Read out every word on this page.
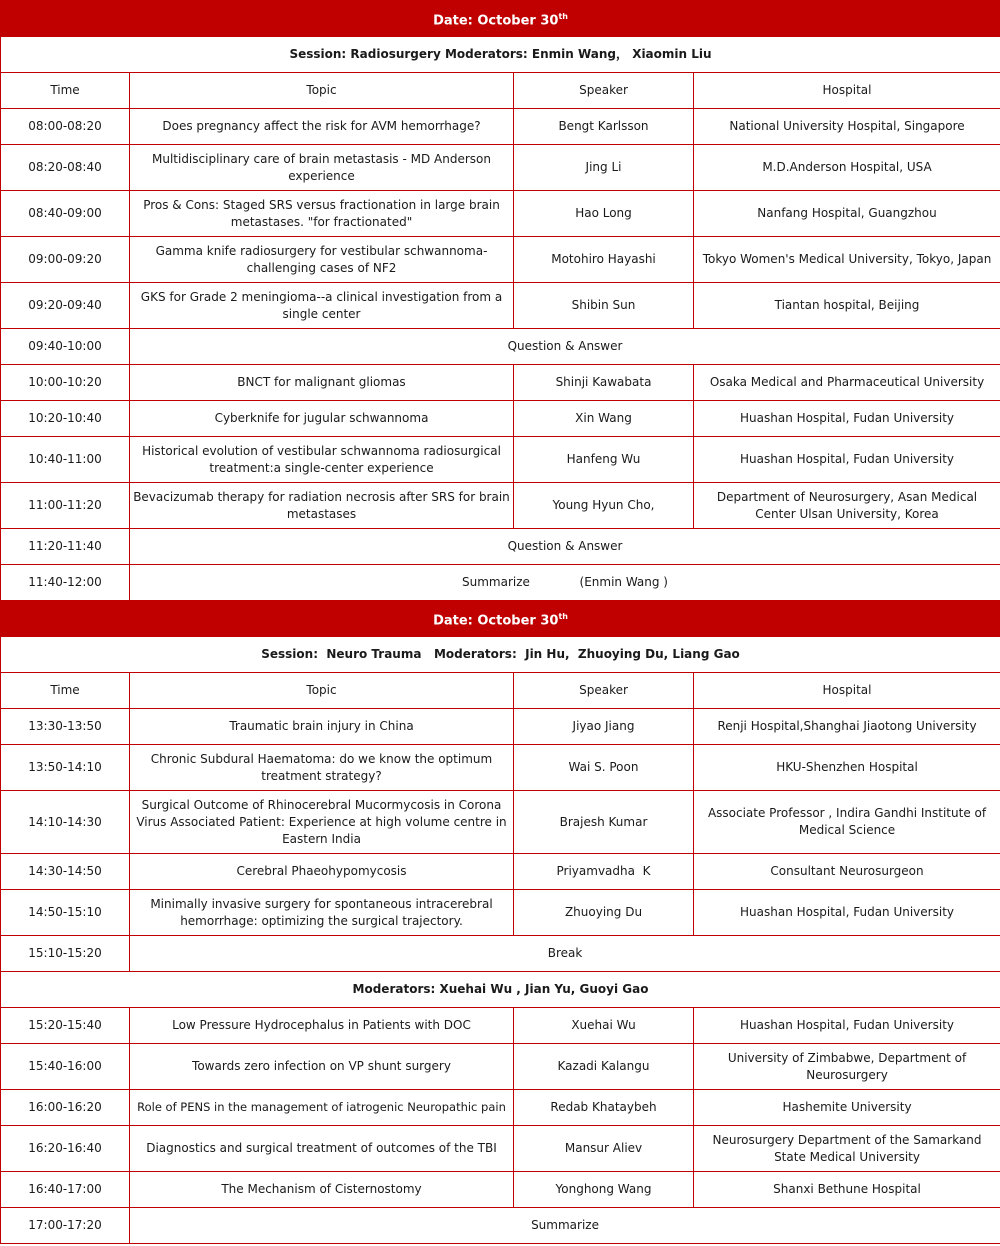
Date: October 30th
Session: Radiosurgery Moderators: Enmin Wang， Xiaomin Liu			
Time	Topic	Speaker	Hospital
08:00-08:20	Does pregnancy affect the risk for AVM hemorrhage?	Bengt Karlsson	National University Hospital, Singapore
08:20-08:40	Multidisciplinary care of brain metastasis - MD Anderson experience	Jing Li	M.D.Anderson Hospital, USA
08:40-09:00	Pros & Cons: Staged SRS versus fractionation in large brain metastases. "for fractionated"	Hao Long	Nanfang Hospital, Guangzhou
09:00-09:20	Gamma knife radiosurgery for vestibular schwannoma-challenging cases of NF2	Motohiro Hayashi	Tokyo Women's Medical University, Tokyo, Japan
09:20-09:40	GKS for Grade 2 meningioma--a clinical investigation from a single center	Shibin Sun	Tiantan hospital, Beijing
09:40-10:00	Question & Answer		
10:00-10:20	BNCT for malignant gliomas	Shinji Kawabata	Osaka Medical and Pharmaceutical University
10:20-10:40	Cyberknife for jugular schwannoma	Xin Wang	Huashan Hospital, Fudan University
10:40-11:00	Historical evolution of vestibular schwannoma radiosurgical treatment:a single-center experience	Hanfeng Wu	Huashan Hospital, Fudan University
11:00-11:20	Bevacizumab therapy for radiation necrosis after SRS for brain metastases	Young Hyun Cho,	Department of Neurosurgery, Asan Medical Center Ulsan University, Korea
11:20-11:40	Question & Answer		
11:40-12:00	Summarize             (Enmin Wang )		
Date: October 30th
Session:  Neuro Trauma   Moderators:  Jin Hu,  Zhuoying Du, Liang Gao			
Time	Topic	Speaker	Hospital
13:30-13:50	Traumatic brain injury in China	Jiyao Jiang	Renji Hospital,Shanghai Jiaotong University
13:50-14:10	Chronic Subdural Haematoma: do we know the optimum treatment strategy?	Wai S. Poon	HKU-Shenzhen Hospital
14:10-14:30	Surgical Outcome of Rhinocerebral Mucormycosis in Corona Virus Associated Patient: Experience at high volume centre in Eastern India	Brajesh Kumar	Associate Professor , Indira Gandhi Institute of Medical Science
14:30-14:50	Cerebral Phaeohypomycosis	Priyamvadha  K	Consultant Neurosurgeon
14:50-15:10	Minimally invasive surgery for spontaneous intracerebral hemorrhage: optimizing the surgical trajectory.	Zhuoying Du	Huashan Hospital, Fudan University
15:10-15:20	Break		
Moderators: Xuehai Wu , Jian Yu, Guoyi Gao			
15:20-15:40	Low Pressure Hydrocephalus in Patients with DOC	Xuehai Wu	Huashan Hospital, Fudan University
15:40-16:00	Towards zero infection on VP shunt surgery	Kazadi Kalangu	University of Zimbabwe, Department of Neurosurgery
16:00-16:20	Role of PENS in the management of iatrogenic Neuropathic pain	Redab Khataybeh	Hashemite University
16:20-16:40	Diagnostics and surgical treatment of outcomes of the TBI	Mansur Aliev	Neurosurgery Department of the Samarkand State Medical University
16:40-17:00	The Mechanism of Cisternostomy	Yonghong Wang	Shanxi Bethune Hospital
17:00-17:20	Summarize		
